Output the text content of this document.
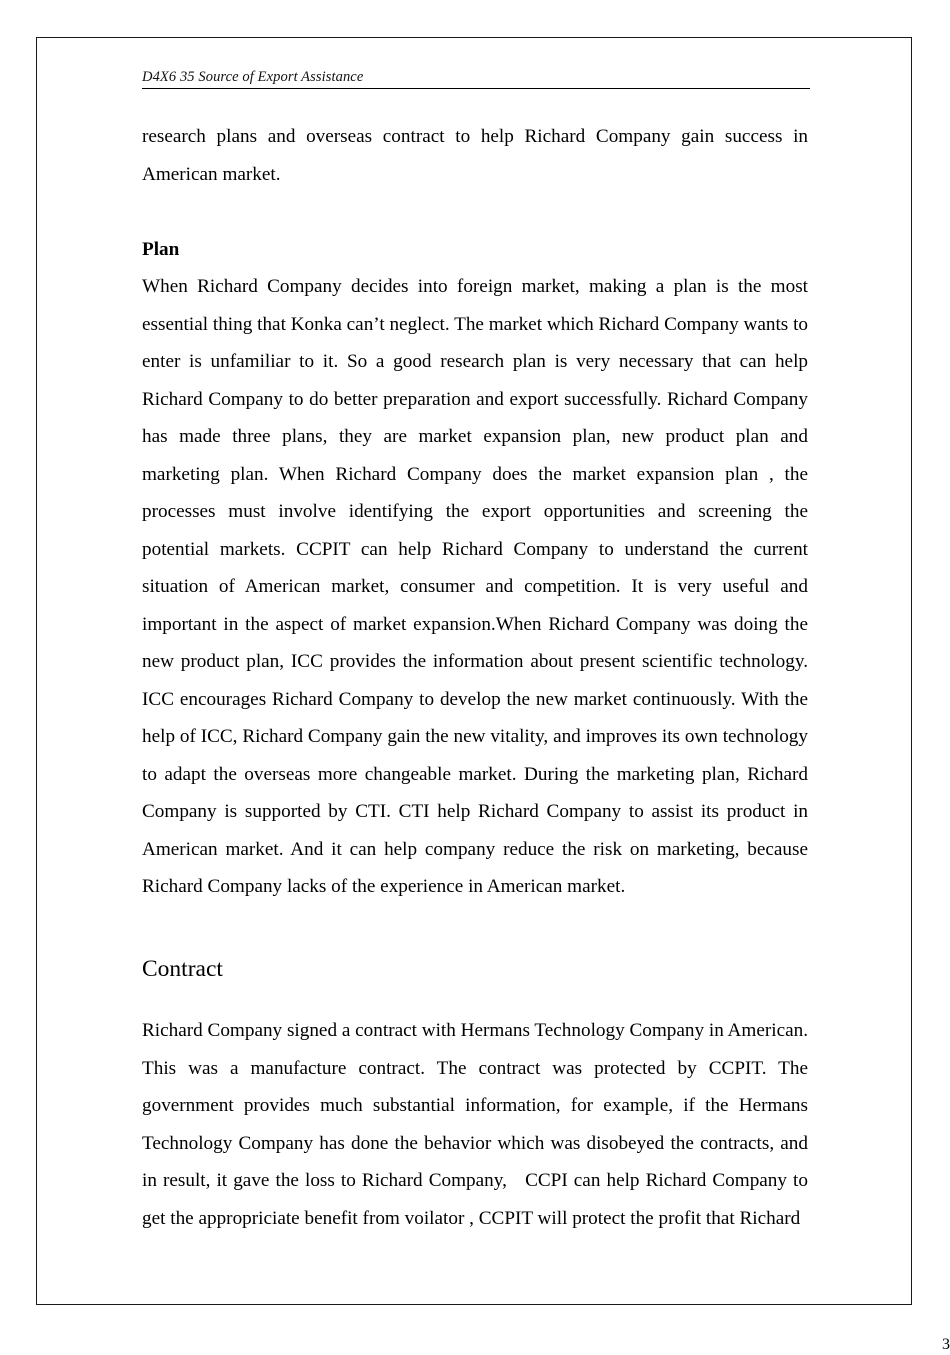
D4X6 35 Source of Export Assistance

research plans and overseas contract to help Richard Company gain success in American market.

Plan

When Richard Company decides into foreign market, making a plan is the most essential thing that Konka can’t neglect. The market which Richard Company wants to enter is unfamiliar to it. So a good research plan is very necessary that can help Richard Company to do better preparation and export successfully. Richard Company has made three plans, they are market expansion plan, new product plan and marketing plan. When Richard Company does the market expansion plan , the processes must involve identifying the export opportunities and screening the potential markets. CCPIT can help Richard Company to understand the current situation of American market, consumer and competition. It is very useful and important in the aspect of market expansion.When Richard Company was doing the new product plan, ICC provides the information about present scientific technology. ICC encourages Richard Company to develop the new market continuously. With the help of ICC, Richard Company gain the new vitality, and improves its own technology to adapt the overseas more changeable market. During the marketing plan, Richard Company is supported by CTI. CTI help Richard Company to assist its product in American market. And it can help company reduce the risk on marketing, because Richard Company lacks of the experience in American market.

Contract

Richard Company signed a contract with Hermans Technology Company in American. This was a manufacture contract. The contract was protected by CCPIT. The government provides much substantial information, for example, if the Hermans Technology Company has done the behavior which was disobeyed the contracts, and in result, it gave the loss to Richard Company,   CCPI can help Richard Company to get the appropriciate benefit from voilator , CCPIT will protect the profit that Richard

3
